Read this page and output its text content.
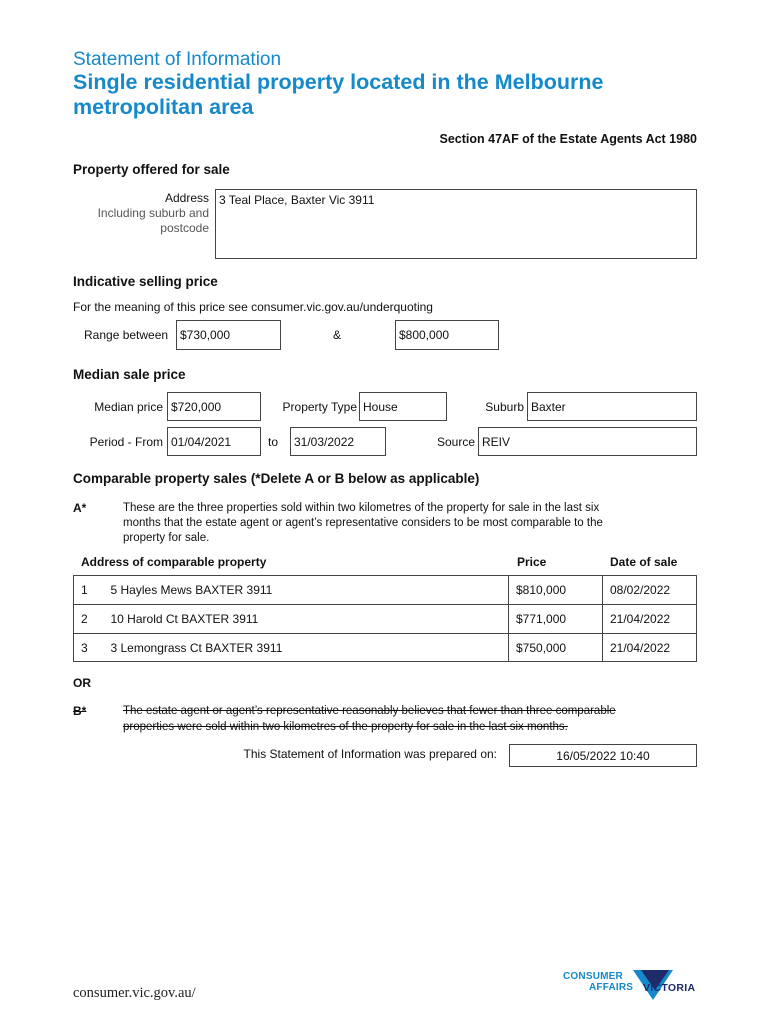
Statement of Information
Single residential property located in the Melbourne
metropolitan area
Section 47AF of the Estate Agents Act 1980
Property offered for sale
Address
Including suburb and
postcode
3 Teal Place, Baxter Vic 3911
Indicative selling price
For the meaning of this price see consumer.vic.gov.au/underquoting
Range between $730,000	&	$800,000
Median sale price
Median price $720,000	Property Type House	Suburb Baxter
Period - From 01/04/2021	to	31/03/2022	Source REIV
Comparable property sales (*Delete A or B below as applicable)
A*	These are the three properties sold within two kilometres of the property for sale in the last six
months that the estate agent or agent’s representative considers to be most comparable to the
property for sale.
Address of comparable property	Price	Date of sale
1	5 Hayles Mews BAXTER 3911	$810,000	08/02/2022
2	10 Harold Ct BAXTER 3911	$771,000	21/04/2022
3	3 Lemongrass Ct BAXTER 3911	$750,000	21/04/2022
OR
B*	The estate agent or agent’s representative reasonably believes that fewer than three comparable
properties were sold within two kilometres of the property for sale in the last six months.
This Statement of Information was prepared on:	16/05/2022 10:40
consumer.vic.gov.au/
CONSUMER
AFFAIRS VICTORIA
